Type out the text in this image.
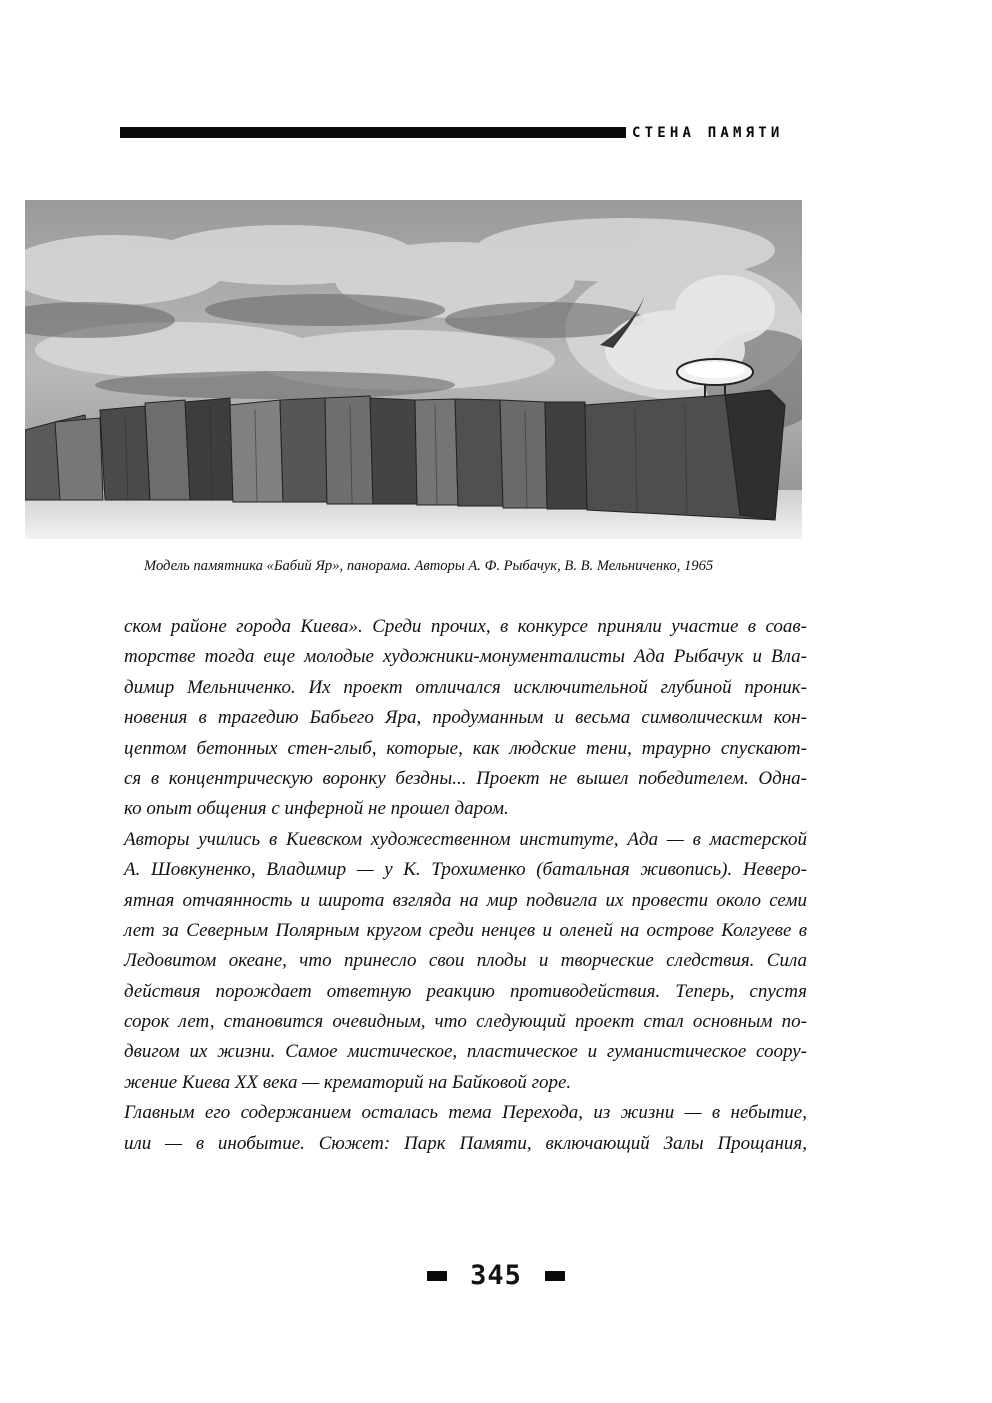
СТЕНА ПАМЯТИ
Модель памятника «Бабий Яр», панорама. Авторы А. Ф. Рыбачук, В. В. Мельниченко, 1965
ском районе города Киева». Среди прочих, в конкурсе приняли участие в соав-
торстве тогда еще молодые художники-монументалисты Ада Рыбачук и Вла-
димир Мельниченко. Их проект отличался исключительной глубиной проник-
новения в трагедию Бабьего Яра, продуманным и весьма символическим кон-
цептом бетонных стен-глыб, которые, как людские тени, траурно спускают-
ся в концентрическую воронку бездны... Проект не вышел победителем. Одна-
ко опыт общения с инферной не прошел даром.
Авторы учились в Киевском художественном институте, Ада — в мастерской
А. Шовкуненко, Владимир — у К. Трохименко (батальная живопись). Неверо-
ятная отчаянность и широта взгляда на мир подвигла их провести около семи
лет за Северным Полярным кругом среди ненцев и оленей на острове Колгуеве в
Ледовитом океане, что принесло свои плоды и творческие следствия. Сила
действия порождает ответную реакцию противодействия. Теперь, спустя
сорок лет, становится очевидным, что следующий проект стал основным по-
двигом их жизни. Самое мистическое, пластическое и гуманистическое соору-
жение Киева XX века — крематорий на Байковой горе.
Главным его содержанием осталась тема Перехода, из жизни — в небытие,
или — в инобытие. Сюжет: Парк Памяти, включающий Залы Прощания,
345
